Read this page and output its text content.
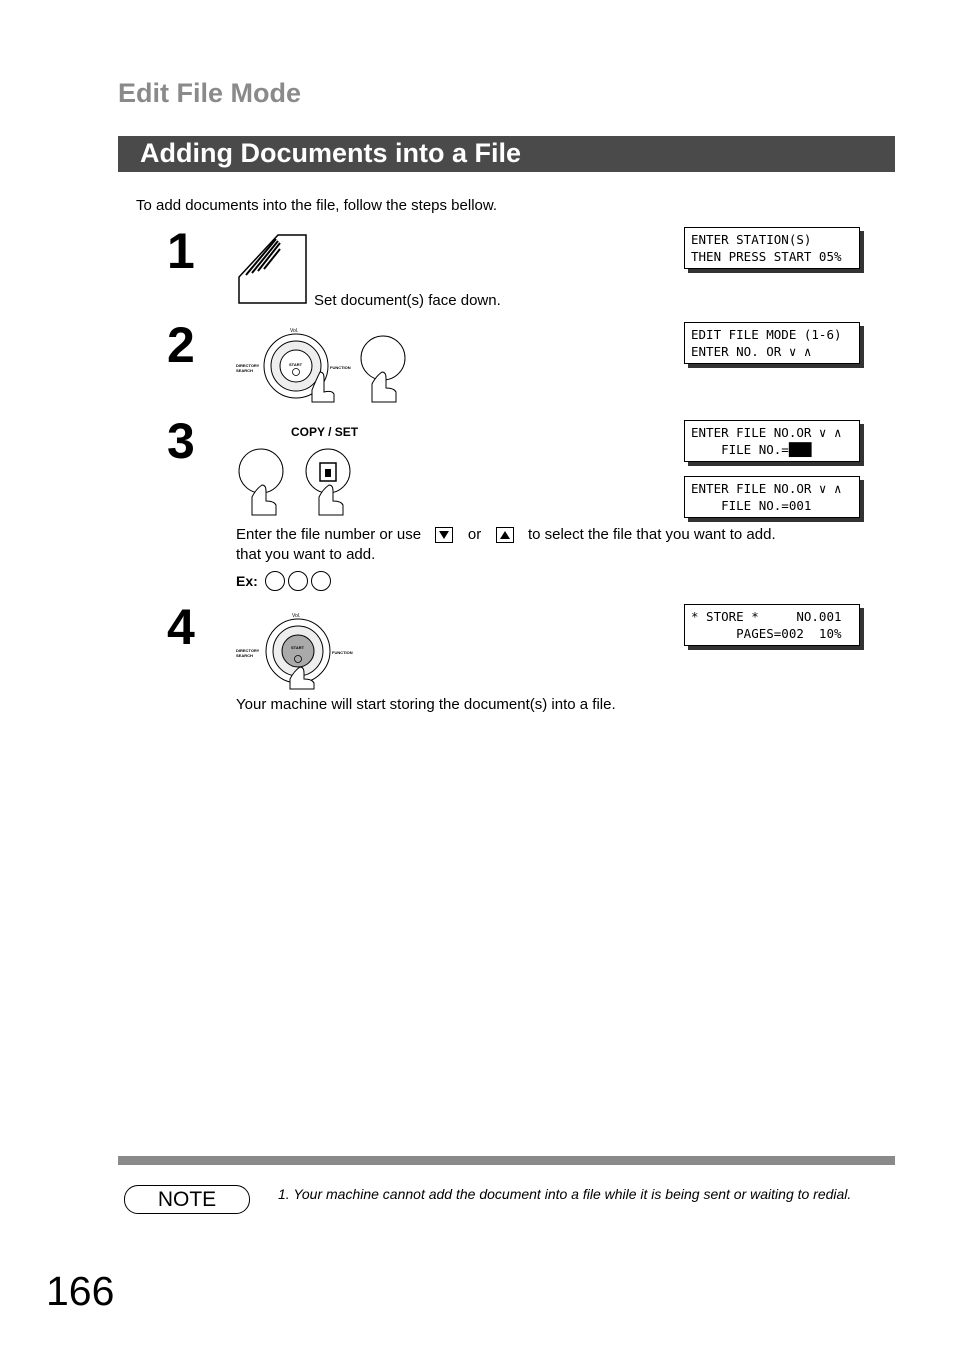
Edit File Mode
Adding Documents into a File
To add documents into the file, follow the steps bellow.
1
Set document(s) face down.
ENTER STATION(S)
THEN PRESS START 05%
2	Vol.
DIRECTORY SEARCH
FUNCTION
START
EDIT FILE MODE (1-6)
ENTER NO. OR ∨ ∧
3	COPY / SET	ENTER FILE NO.OR ∨ ∧
FILE NO.=███
ENTER FILE NO.OR ∨ ∧
FILE NO.=001
Enter the file number or use	or	to select the file that you want to add.
that you want to add.
Ex:
4	Vol.
DIRECTORY SEARCH
FUNCTION
START
* STORE *     NO.001
PAGES=002  10%
Your machine will start storing the document(s) into a file.
NOTE	1. Your machine cannot add the document into a file while it is being sent or waiting to redial.
166
